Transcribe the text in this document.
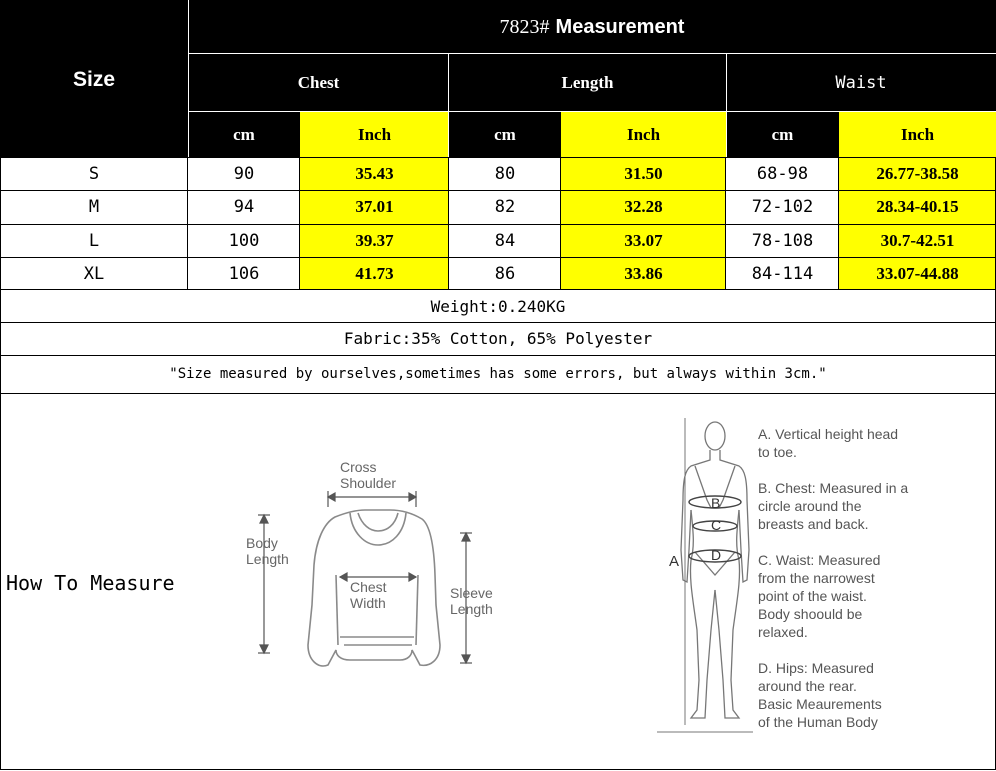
Size
7823# Measurement
Chest	Length	Waist
cm	Inch	cm	Inch	cm	Inch
S	90	35.43	80	31.50	68-98	26.77-38.58
M	94	37.01	82	32.28	72-102	28.34-40.15
L	100	39.37	84	33.07	78-108	30.7-42.51
XL	106	41.73	86	33.86	84-114	33.07-44.88
Weight:0.240KG
Fabric:35% Cotton, 65% Polyester
"Size measured by ourselves,sometimes has some errors, but always within 3cm."
How To Measure
Cross
Shoulder
Body
Length
Chest
Width
Sleeve
Length
A
B
C
D
A. Vertical height head
to toe.
B. Chest: Measured in a
circle around the
breasts and back.
C. Waist: Measured
from the narrowest
point of the waist.
Body shoould be
relaxed.
D. Hips: Measured
around the rear.
Basic Meaurements
of the Human Body
